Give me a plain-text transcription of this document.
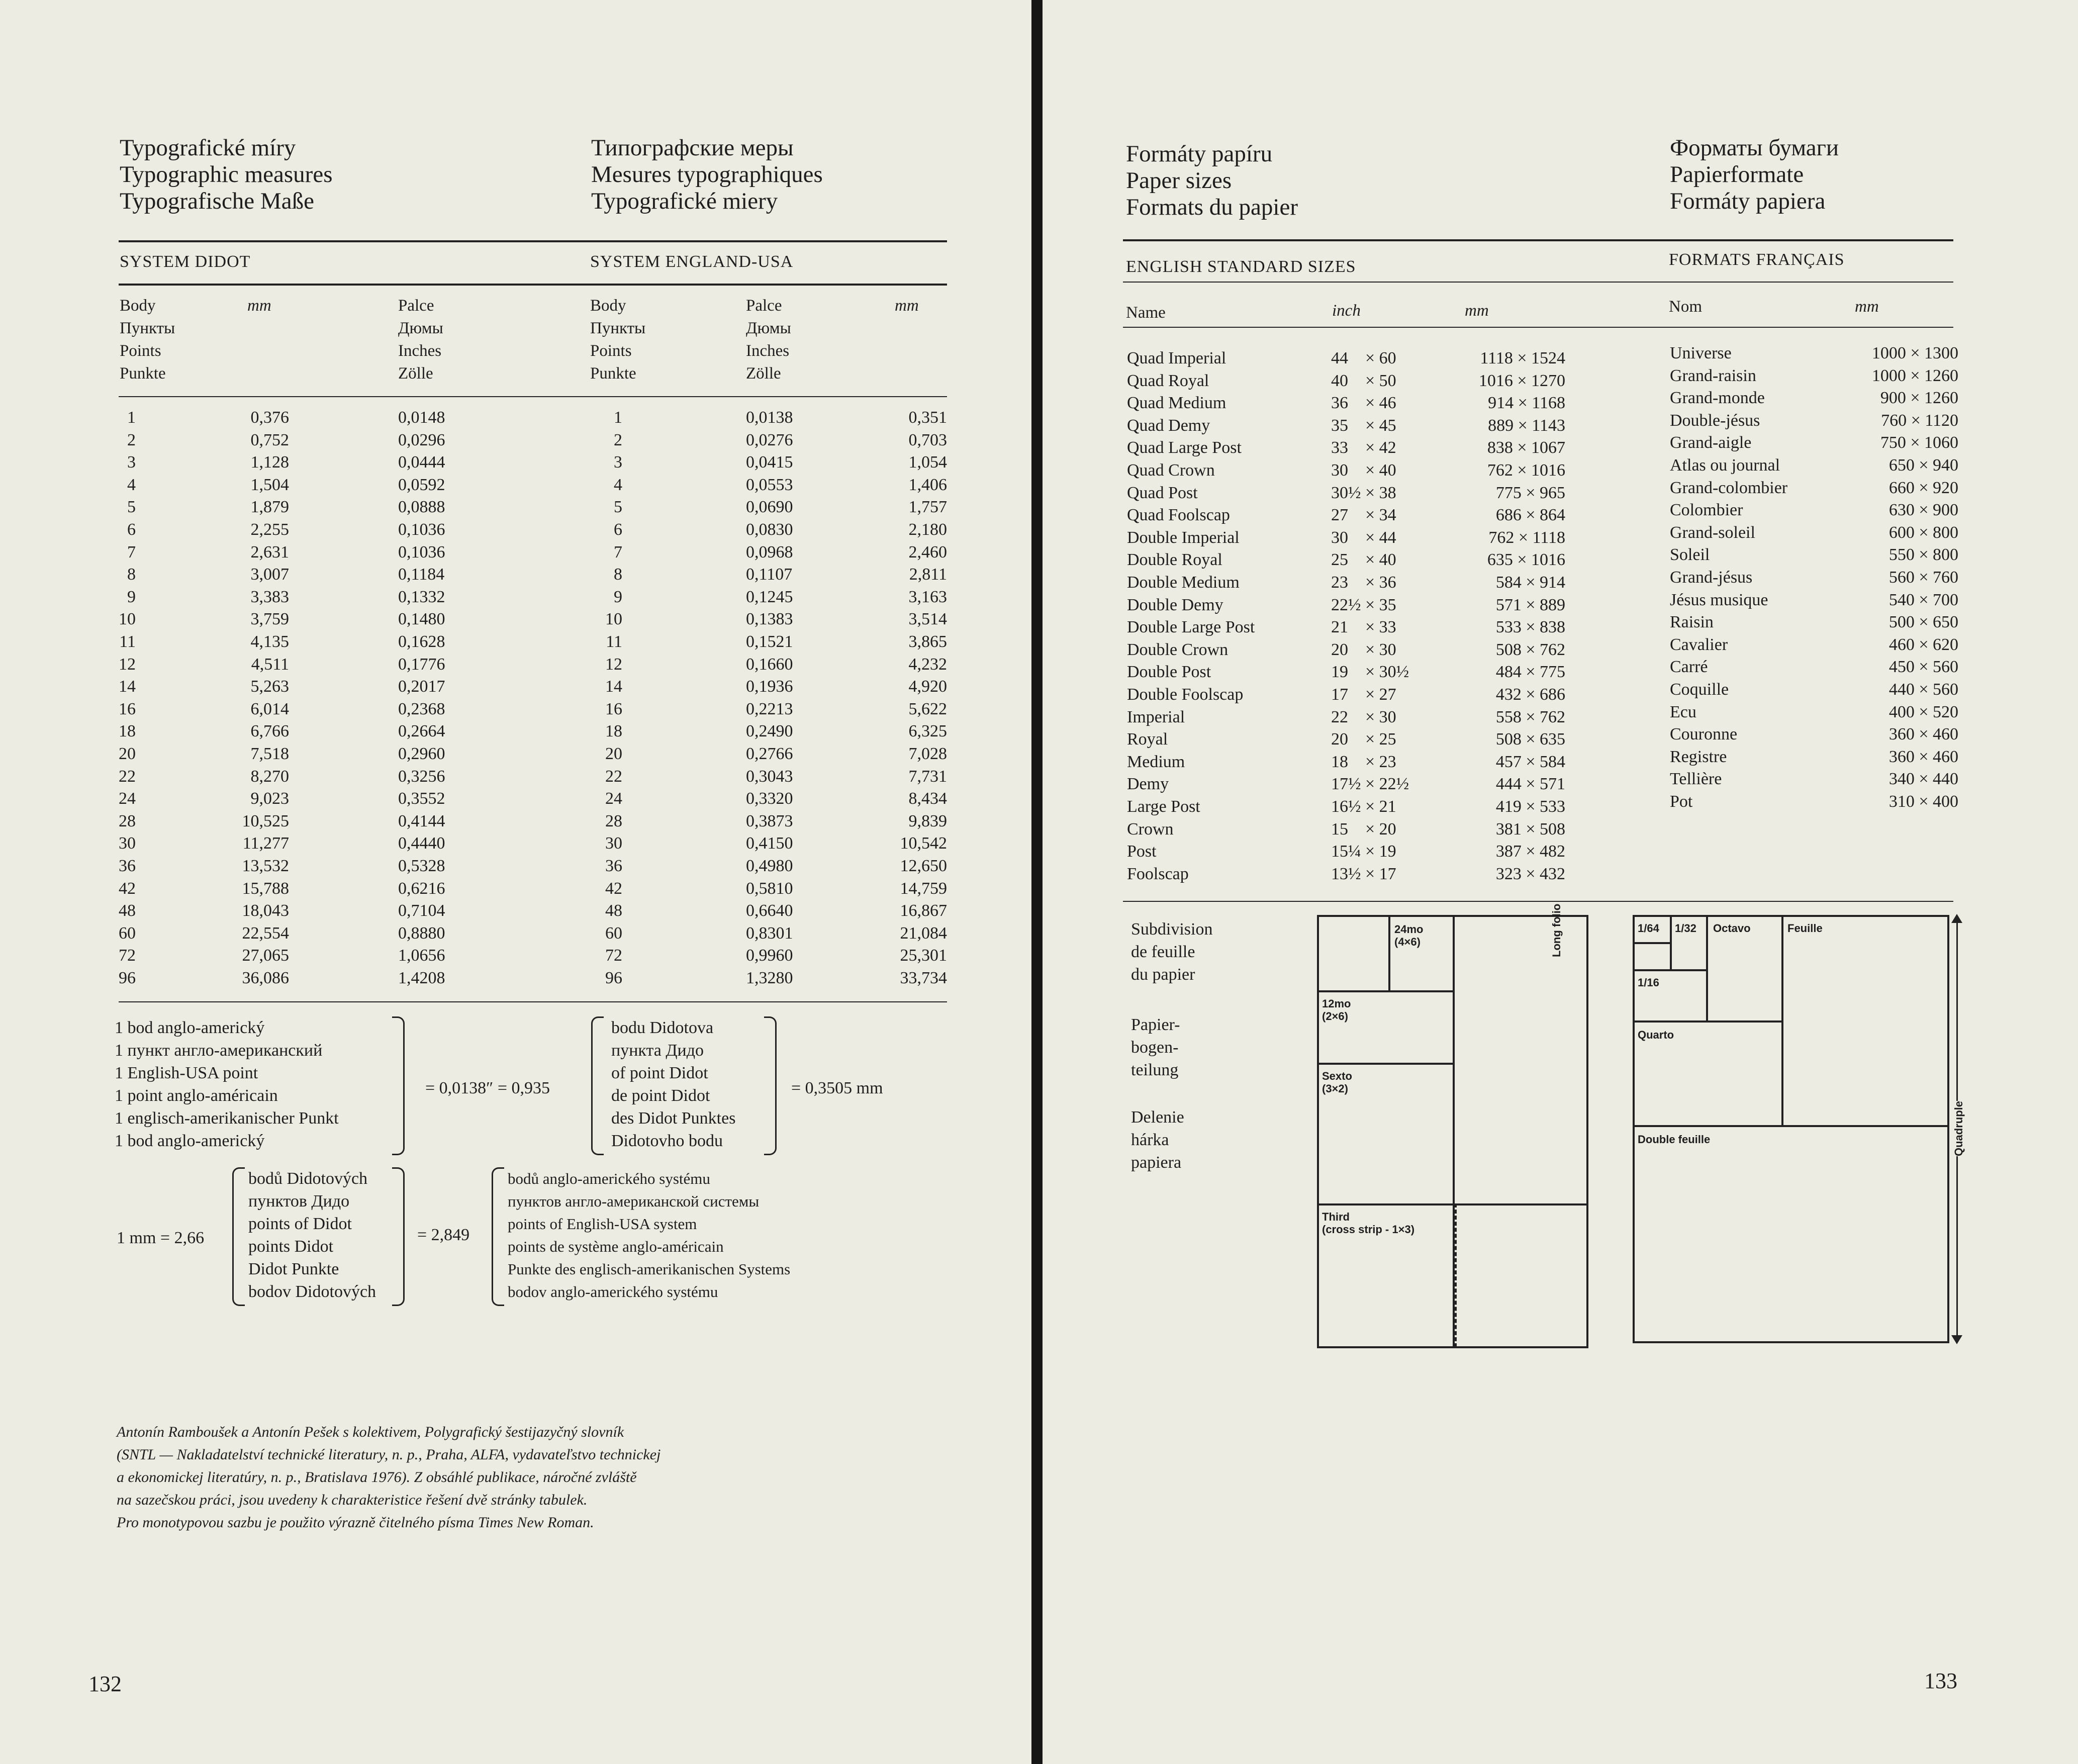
Typografické míry
Typographic measures
Typografische Maße
Типографские меры
Mesures typographiques
Typografické miery
SYSTEM DIDOT	SYSTEM ENGLAND-USA
Body
Пункты
Points
Punkte
mm	Palce
Дюмы
Inches
Zölle
Body
Пункты
Points
Punkte
Palce
Дюмы
Inches
Zölle
mm
1	0,376	0,0148	1	0,0138	0,351
2	0,752	0,0296	2	0,0276	0,703
3	1,128	0,0444	3	0,0415	1,054
4	1,504	0,0592	4	0,0553	1,406
5	1,879	0,0888	5	0,0690	1,757
6	2,255	0,1036	6	0,0830	2,180
7	2,631	0,1036	7	0,0968	2,460
8	3,007	0,1184	8	0,1107	2,811
9	3,383	0,1332	9	0,1245	3,163
10	3,759	0,1480	10	0,1383	3,514
11	4,135	0,1628	11	0,1521	3,865
12	4,511	0,1776	12	0,1660	4,232
14	5,263	0,2017	14	0,1936	4,920
16	6,014	0,2368	16	0,2213	5,622
18	6,766	0,2664	18	0,2490	6,325
20	7,518	0,2960	20	0,2766	7,028
22	8,270	0,3256	22	0,3043	7,731
24	9,023	0,3552	24	0,3320	8,434
28	10,525	0,4144	28	0,3873	9,839
30	11,277	0,4440	30	0,4150	10,542
36	13,532	0,5328	36	0,4980	12,650
42	15,788	0,6216	42	0,5810	14,759
48	18,043	0,7104	48	0,6640	16,867
60	22,554	0,8880	60	0,8301	21,084
72	27,065	1,0656	72	0,9960	25,301
96	36,086	1,4208	96	1,3280	33,734
1 bod anglo-americký
1 пункт англо-американский
1 English-USA point
1 point anglo-américain
1 englisch-amerikanischer Punkt
1 bod anglo-americký
= 0,0138″ = 0,935
bodu Didotova
пункта Дидо
of point Didot
de point Didot
des Didot Punktes
Didotovho bodu
= 0,3505 mm
1 mm = 2,66
bodů Didotových
пунктов Дидо
points of Didot
points Didot
Didot Punkte
bodov Didotových
= 2,849
bodů anglo-amerického systému
пунктов англо-американской системы
points of English-USA system
points de système anglo-américain
Punkte des englisch-amerikanischen Systems
bodov anglo-amerického systému
Antonín Ramboušek a Antonín Pešek s kolektivem, Polygrafický šestijazyčný slovník
(SNTL — Nakladatelství technické literatury, n. p., Praha, ALFA, vydavateľstvo technickej
a ekonomickej literatúry, n. p., Bratislava 1976). Z obsáhlé publikace, náročné zvláště
na sazečskou práci, jsou uvedeny k charakteristice řešení dvě stránky tabulek.
Pro monotypovou sazbu je použito výrazně čitelného písma Times New Roman.
132
Formáty papíru
Paper sizes
Formats du papier
Форматы бумаги
Papierformate
Formáty papiera
ENGLISH STANDARD SIZES	FORMATS FRANÇAIS
Name	inch	mm	Nom	mm
Quad Imperial	44 × 60	1118 × 1524
Quad Royal	40 × 50	1016 × 1270
Quad Medium	36 × 46	914 × 1168
Quad Demy	35 × 45	889 × 1143
Quad Large Post	33 × 42	838 × 1067
Quad Crown	30 × 40	762 × 1016
Quad Post	30½ × 38	775 × 965
Quad Foolscap	27 × 34	686 × 864
Double Imperial	30 × 44	762 × 1118
Double Royal	25 × 40	635 × 1016
Double Medium	23 × 36	584 × 914
Double Demy	22½ × 35	571 × 889
Double Large Post	21 × 33	533 × 838
Double Crown	20 × 30	508 × 762
Double Post	19 × 30½	484 × 775
Double Foolscap	17 × 27	432 × 686
Imperial	22 × 30	558 × 762
Royal	20 × 25	508 × 635
Medium	18 × 23	457 × 584
Demy	17½ × 22½	444 × 571
Large Post	16½ × 21	419 × 533
Crown	15 × 20	381 × 508
Post	15¼ × 19	387 × 482
Foolscap	13½ × 17	323 × 432
Universe	1000 × 1300
Grand-raisin	1000 × 1260
Grand-monde	900 × 1260
Double-jésus	760 × 1120
Grand-aigle	750 × 1060
Atlas ou journal	650 × 940
Grand-colombier	660 × 920
Colombier	630 × 900
Grand-soleil	600 × 800
Soleil	550 × 800
Grand-jésus	560 × 760
Jésus musique	540 × 700
Raisin	500 × 650
Cavalier	460 × 620
Carré	450 × 560
Coquille	440 × 560
Ecu	400 × 520
Couronne	360 × 460
Registre	360 × 460
Tellière	340 × 440
Pot	310 × 400
Subdivision
de feuille
du papier
Papier-
bogen-
teilung
Delenie
hárka
papiera
24mo
(4×6)
12mo
(2×6)
Sexto
(3×2)
Third
(cross strip - 1×3)
Long folio	1/64 1/32 Octavo	Feuille
1/16
Quarto
Double feuille	Quadruple
133
